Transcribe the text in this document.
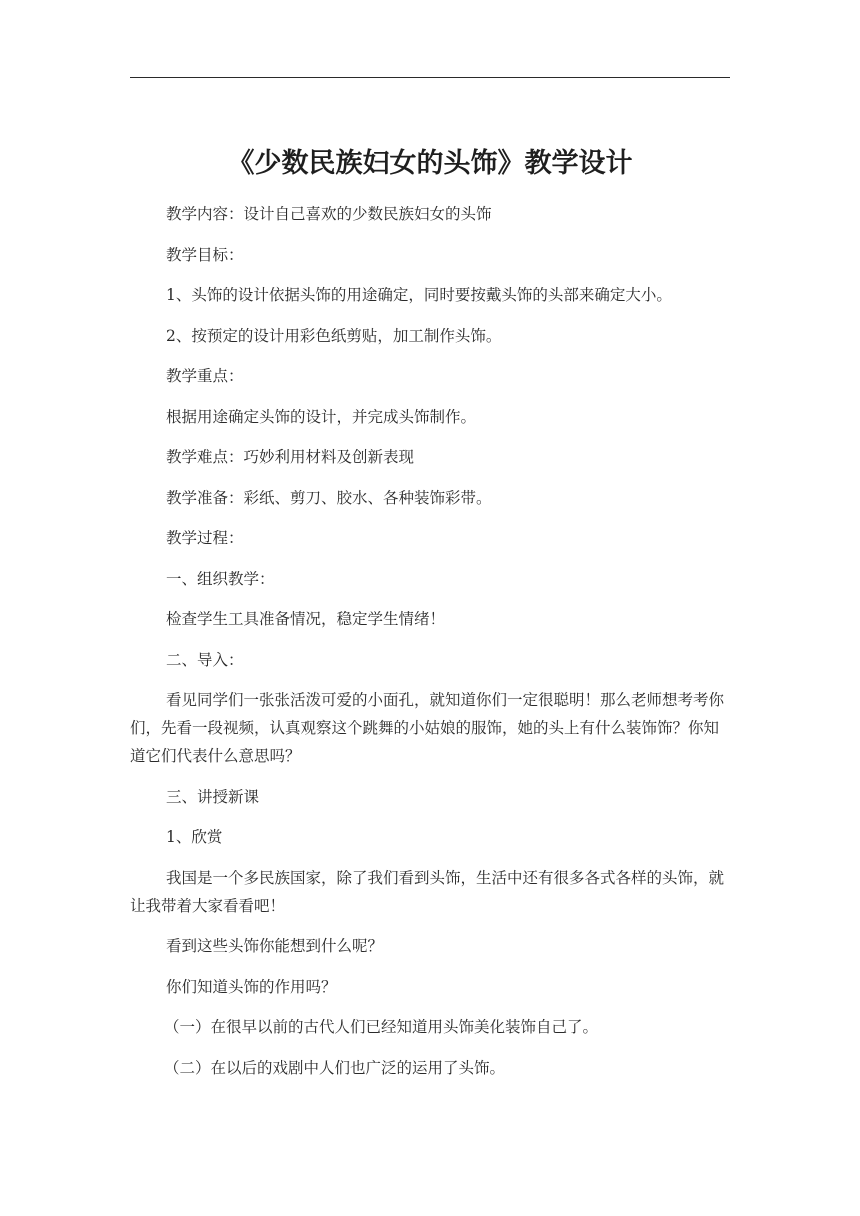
《少数民族妇女的头饰》教学设计

教学内容：设计自己喜欢的少数民族妇女的头饰

教学目标：

1、头饰的设计依据头饰的用途确定，同时要按戴头饰的头部来确定大小。

2、按预定的设计用彩色纸剪贴，加工制作头饰。

教学重点：

根据用途确定头饰的设计，并完成头饰制作。

教学难点：巧妙利用材料及创新表现

教学准备：彩纸、剪刀、胶水、各种装饰彩带。

教学过程：

一、组织教学：

检查学生工具准备情况，稳定学生情绪！

二、导入：

看见同学们一张张活泼可爱的小面孔，就知道你们一定很聪明！那么老师想考考你们，先看一段视频，认真观察这个跳舞的小姑娘的服饰，她的头上有什么装饰饰？你知道它们代表什么意思吗？

三、讲授新课

1、欣赏

我国是一个多民族国家，除了我们看到头饰，生活中还有很多各式各样的头饰，就让我带着大家看看吧！

看到这些头饰你能想到什么呢？

你们知道头饰的作用吗？

（一）在很早以前的古代人们已经知道用头饰美化装饰自己了。

（二）在以后的戏剧中人们也广泛的运用了头饰。
